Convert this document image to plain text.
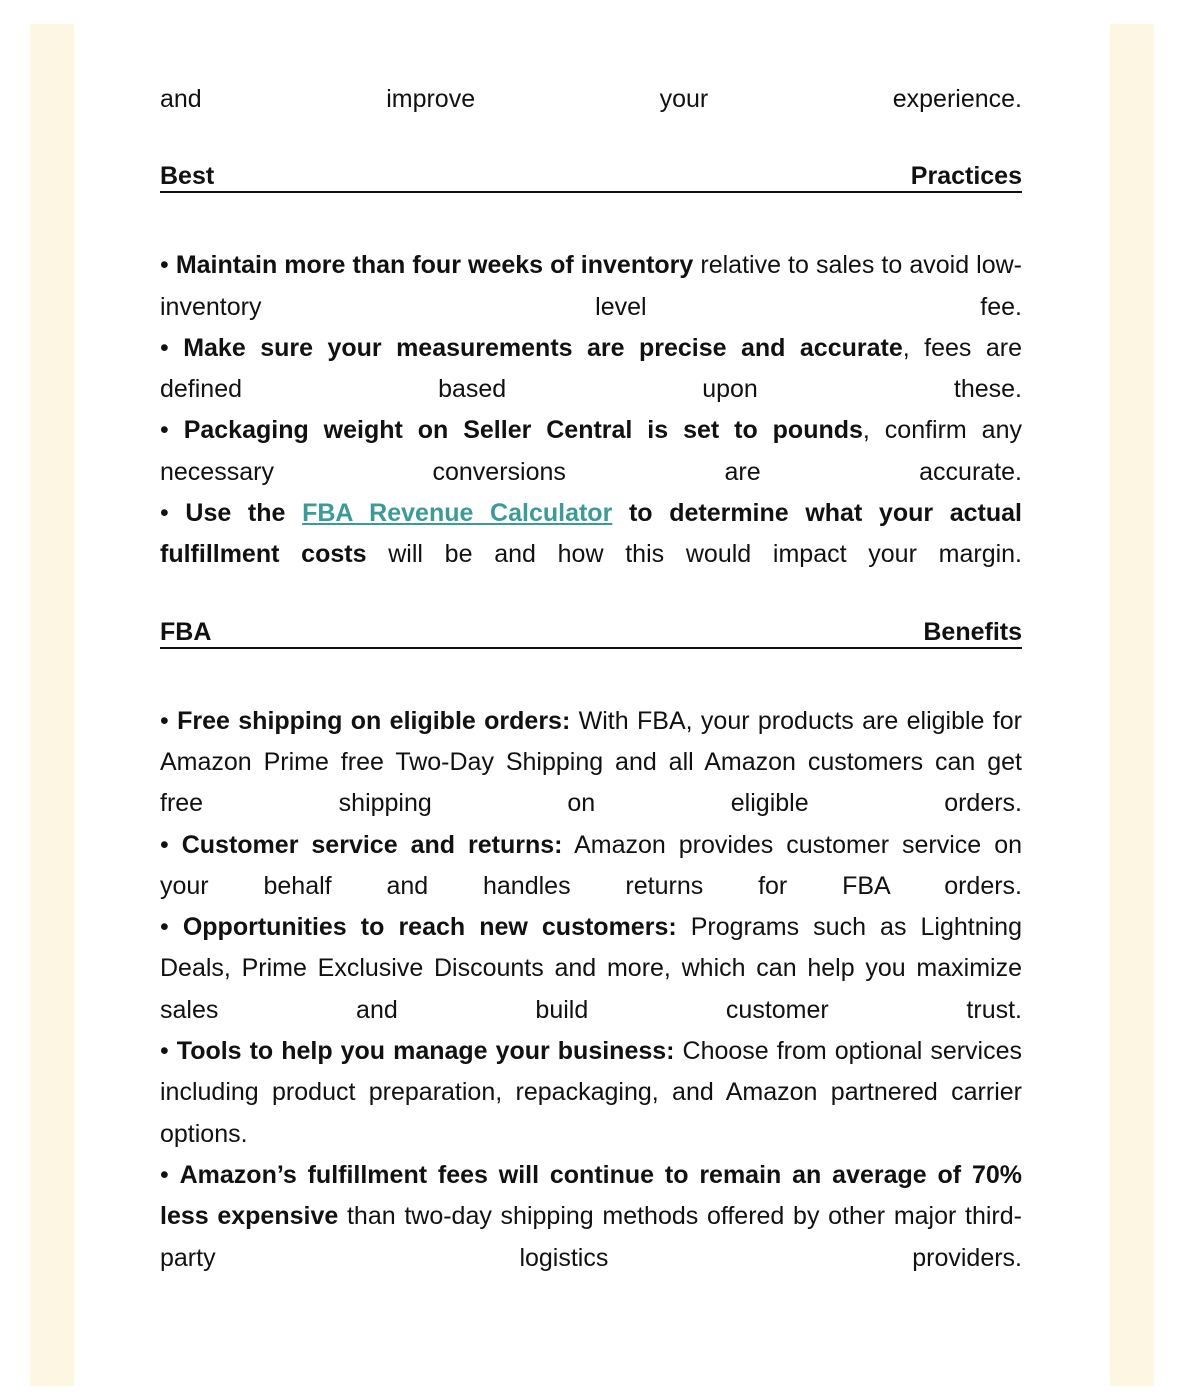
and	improve	your	experience.

Best	Practices

• Maintain more than four weeks of inventory relative to sales to avoid low-inventory level fee.

• Make sure your measurements are precise and accurate, fees are defined based upon these.

• Packaging weight on Seller Central is set to pounds, confirm any necessary conversions are accurate.

• Use the FBA Revenue Calculator to determine what your actual fulfillment costs will be and how this would impact your margin.

FBA	Benefits

• Free shipping on eligible orders: With FBA, your products are eligible for Amazon Prime free Two-Day Shipping and all Amazon customers can get free shipping on eligible orders.

• Customer service and returns: Amazon provides customer service on your behalf and handles returns for FBA orders.

• Opportunities to reach new customers: Programs such as Lightning Deals, Prime Exclusive Discounts and more, which can help you maximize sales and build customer trust.

• Tools to help you manage your business: Choose from optional services including product preparation, repackaging, and Amazon partnered carrier options.

• Amazon’s fulfillment fees will continue to remain an average of 70% less expensive than two-day shipping methods offered by other major third-party logistics providers.
